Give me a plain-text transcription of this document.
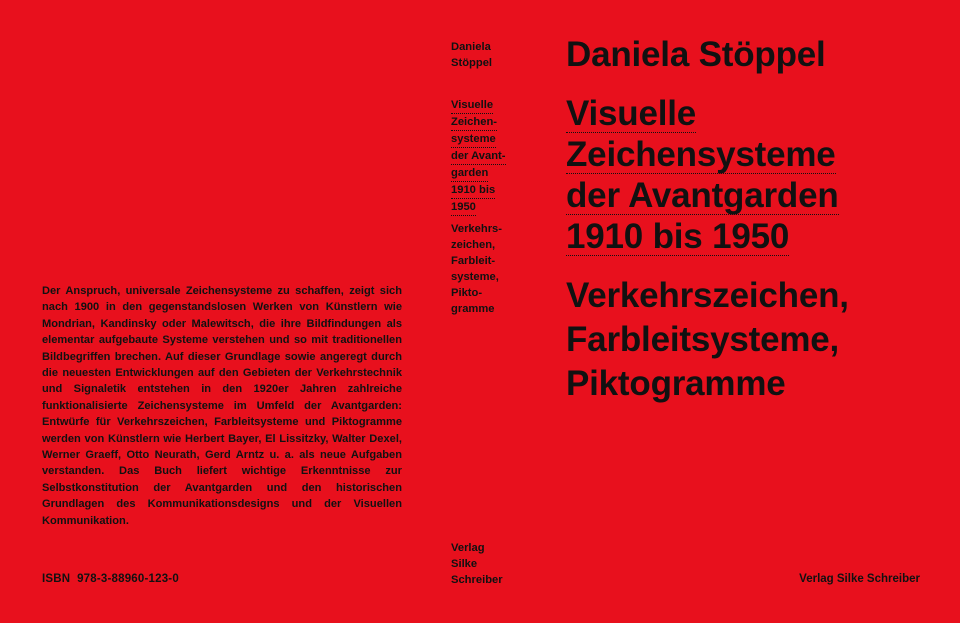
Der Anspruch, universale Zeichensysteme zu schaffen, zeigt sich nach 1900 in den gegenstandslosen Werken von Künstlern wie Mondrian, Kandinsky oder Malewitsch, die ihre Bildfindungen als elementar aufgebaute Systeme verstehen und so mit traditionellen Bildbegriffen brechen. Auf dieser Grundlage sowie angeregt durch die neuesten Entwicklungen auf den Gebieten der Verkehrstechnik und Signaletik entstehen in den 1920er Jahren zahlreiche funktionalisierte Zeichensysteme im Umfeld der Avantgarden: Entwürfe für Verkehrszeichen, Farbleitsysteme und Piktogramme werden von Künstlern wie Herbert Bayer, El Lissitzky, Walter Dexel, Werner Graeff, Otto Neurath, Gerd Arntz u. a. als neue Aufgaben verstanden. Das Buch liefert wichtige Erkenntnisse zur Selbstkonstitution der Avantgarden und den historischen Grundlagen des Kommunikationsdesigns und der Visuellen Kommunikation.

ISBN  978-3-88960-123-0
Daniela
Stöppel
Visuelle
Zeichen-
systeme
der Avant-
garden
1910 bis
1950
Verkehrs-
zeichen,
Farbleit-
systeme,
Pikto-
gramme
Verlag
Silke
Schreiber
Daniela Stöppel
Visuelle
Zeichensysteme
der Avantgarden
1910 bis 1950
Verkehrszeichen,
Farbleitsysteme,
Piktogramme
Verlag Silke Schreiber
